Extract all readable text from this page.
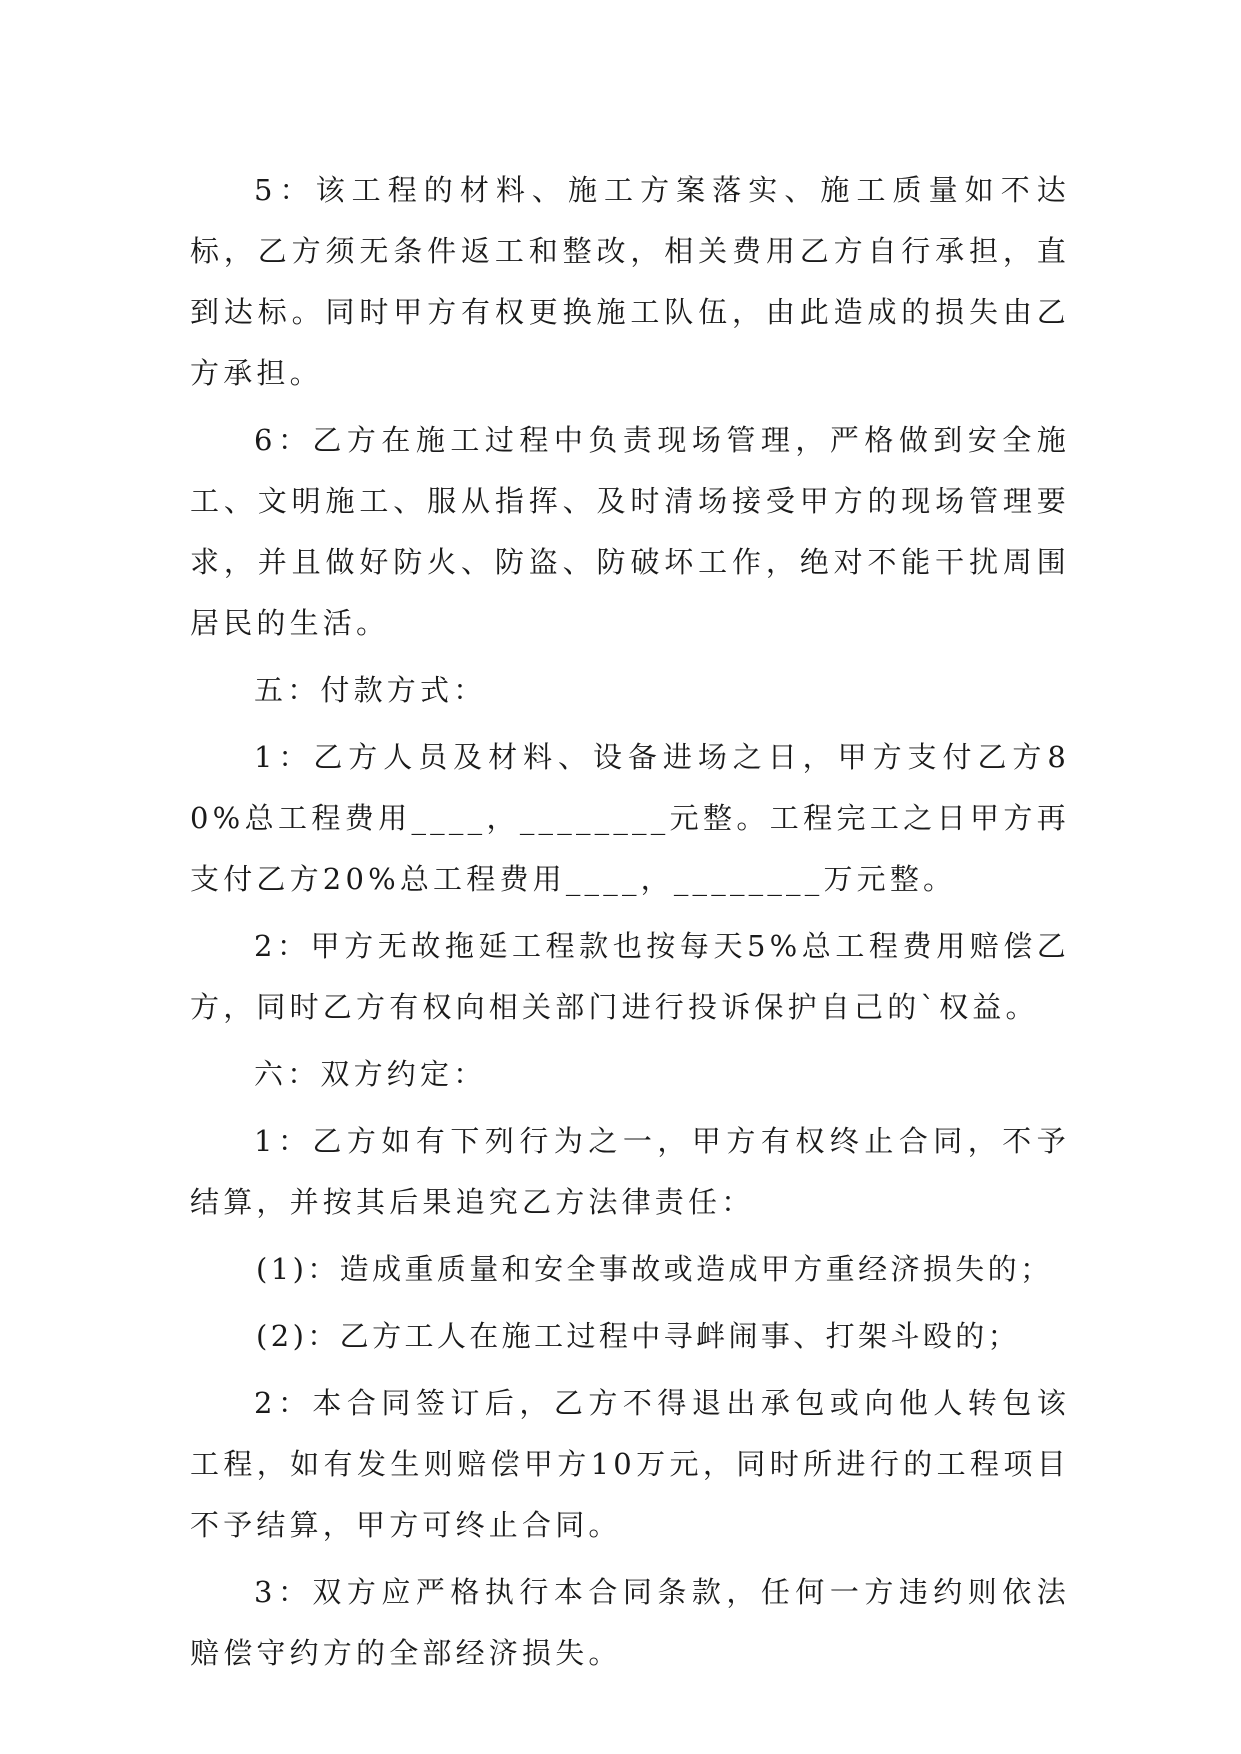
5：该工程的材料、施工方案落实、施工质量如不达标，乙方须无条件返工和整改，相关费用乙方自行承担，直到达标。同时甲方有权更换施工队伍，由此造成的损失由乙方承担。

6：乙方在施工过程中负责现场管理，严格做到安全施工、文明施工、服从指挥、及时清场接受甲方的现场管理要求，并且做好防火、防盗、防破坏工作，绝对不能干扰周围居民的生活。

五：付款方式：

1：乙方人员及材料、设备进场之日，甲方支付乙方80%总工程费用____，________元整。工程完工之日甲方再支付乙方20%总工程费用____，________万元整。

2：甲方无故拖延工程款也按每天5%总工程费用赔偿乙方，同时乙方有权向相关部门进行投诉保护自己的`权益。

六：双方约定：

1：乙方如有下列行为之一，甲方有权终止合同，不予结算，并按其后果追究乙方法律责任：

(1)：造成重质量和安全事故或造成甲方重经济损失的；

(2)：乙方工人在施工过程中寻衅闹事、打架斗殴的；

2：本合同签订后，乙方不得退出承包或向他人转包该工程，如有发生则赔偿甲方10万元，同时所进行的工程项目不予结算，甲方可终止合同。

3：双方应严格执行本合同条款，任何一方违约则依法赔偿守约方的全部经济损失。
